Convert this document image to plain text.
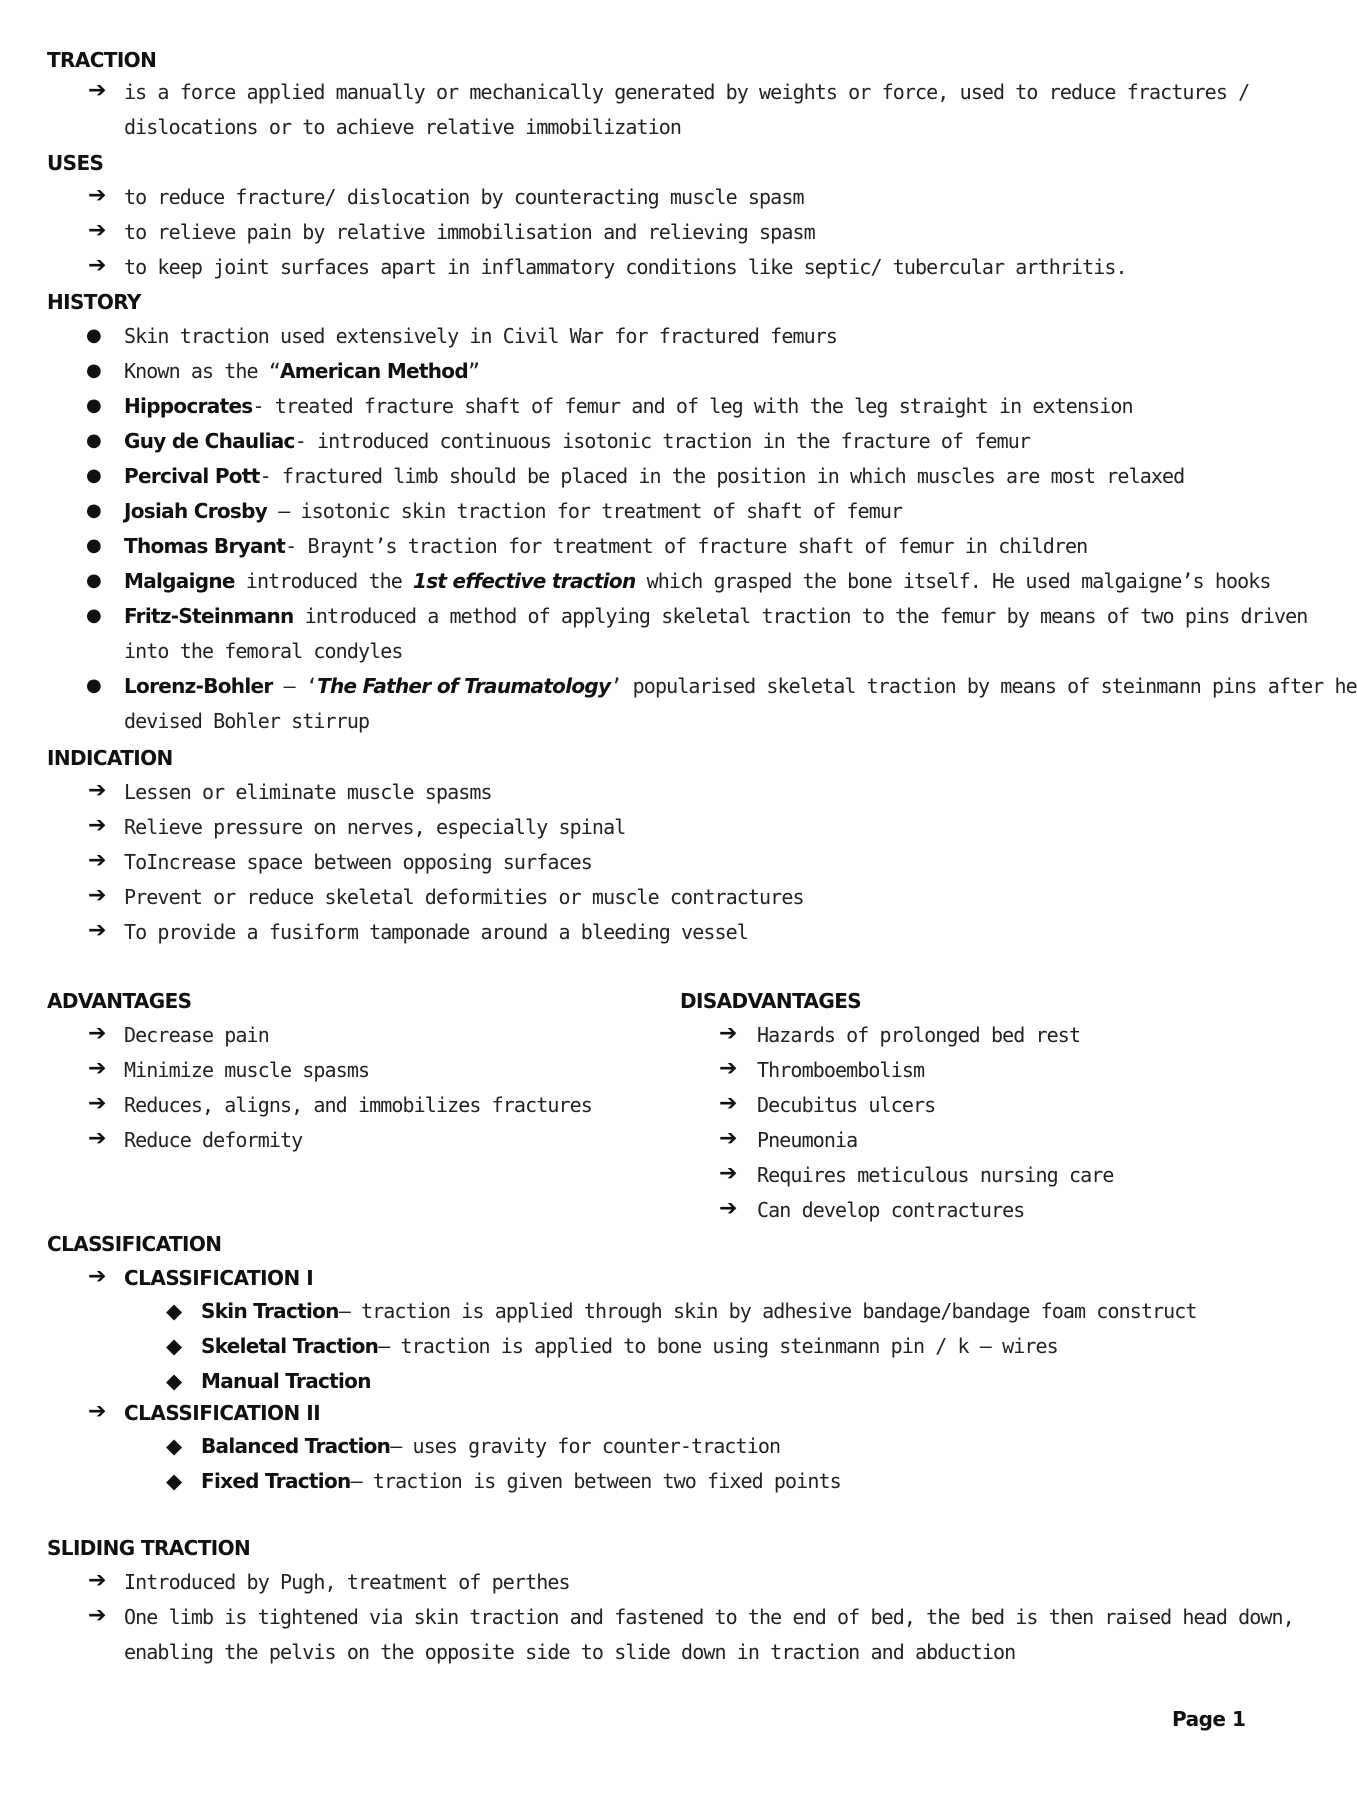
TRACTION
➔ is a force applied manually or mechanically generated by weights or force, used to reduce fractures /
dislocations or to achieve relative immobilization
USES
➔ to reduce fracture/ dislocation by counteracting muscle spasm
➔ to relieve pain by relative immobilisation and relieving spasm
➔ to keep joint surfaces apart in inflammatory conditions like septic/ tubercular arthritis.
HISTORY
● Skin traction used extensively in Civil War for fractured femurs
● Known as the “American Method”
● Hippocrates- treated fracture shaft of femur and of leg with the leg straight in extension
● Guy de Chauliac- introduced continuous isotonic traction in the fracture of femur
● Percival Pott- fractured limb should be placed in the position in which muscles are most relaxed
● Josiah Crosby – isotonic skin traction for treatment of shaft of femur
● Thomas Bryant- Braynt’s traction for treatment of fracture shaft of femur in children
● Malgaigne introduced the 1st effective traction which grasped the bone itself. He used malgaigne’s hooks
● Fritz-Steinmann introduced a method of applying skeletal traction to the femur by means of two pins driven
into the femoral condyles
● Lorenz-Bohler – ‘The Father of Traumatology’ popularised skeletal traction by means of steinmann pins after he
devised Bohler stirrup
INDICATION
➔ Lessen or eliminate muscle spasms
➔ Relieve pressure on nerves, especially spinal
➔ ToIncrease space between opposing surfaces
➔ Prevent or reduce skeletal deformities or muscle contractures
➔ To provide a fusiform tamponade around a bleeding vessel
ADVANTAGES
➔ Decrease pain
➔ Minimize muscle spasms
➔ Reduces, aligns, and immobilizes fractures
➔ Reduce deformity
DISADVANTAGES
➔ Hazards of prolonged bed rest
➔ Thromboembolism
➔ Decubitus ulcers
➔ Pneumonia
➔ Requires meticulous nursing care
➔ Can develop contractures
CLASSIFICATION
➔ CLASSIFICATION I
◆ Skin Traction– traction is applied through skin by adhesive bandage/bandage foam construct
◆ Skeletal Traction– traction is applied to bone using steinmann pin / k – wires
◆ Manual Traction
➔ CLASSIFICATION II
◆ Balanced Traction– uses gravity for counter-traction
◆ Fixed Traction– traction is given between two fixed points
SLIDING TRACTION
➔ Introduced by Pugh, treatment of perthes
➔ One limb is tightened via skin traction and fastened to the end of bed, the bed is then raised head down,
enabling the pelvis on the opposite side to slide down in traction and abduction
Page 1
